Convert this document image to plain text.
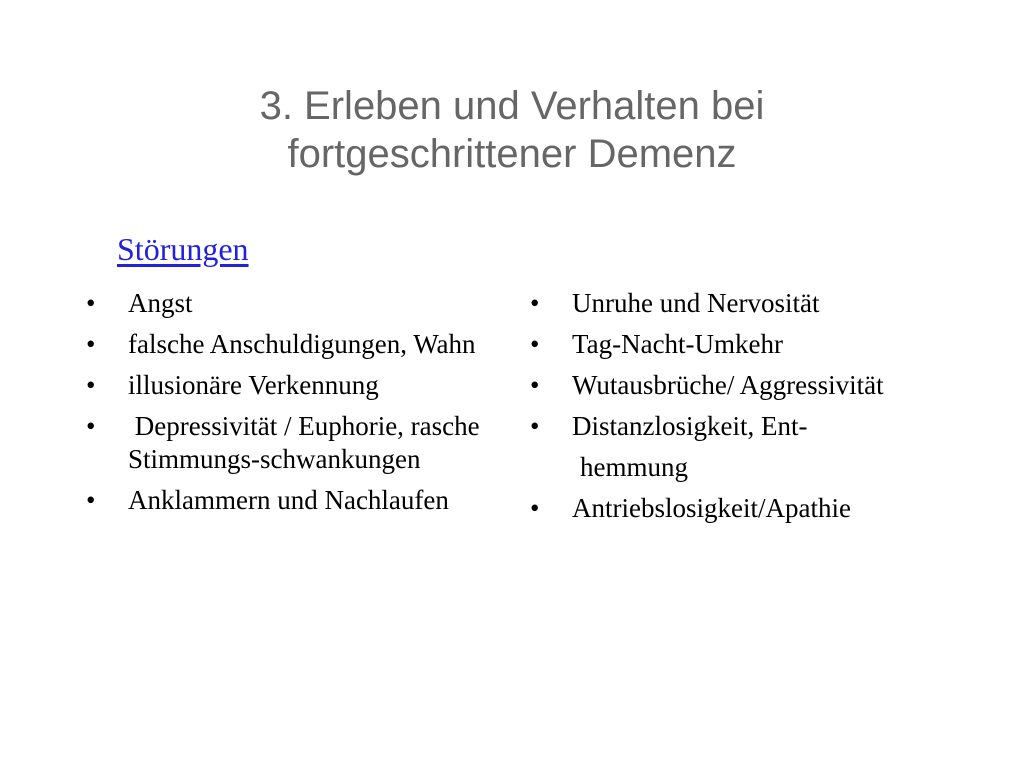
3. Erleben und Verhalten bei
fortgeschrittener Demenz
Störungen
• Angst
• falsche Anschuldigungen, Wahn
• illusionäre Verkennung
• Depressivität / Euphorie, rasche Stimmungs-schwankungen
• Anklammern und Nachlaufen
• Unruhe und Nervosität
• Tag-Nacht-Umkehr
• Wutausbrüche/ Aggressivität
• Distanzlosigkeit, Ent-
hemmung
• Antriebslosigkeit/Apathie
